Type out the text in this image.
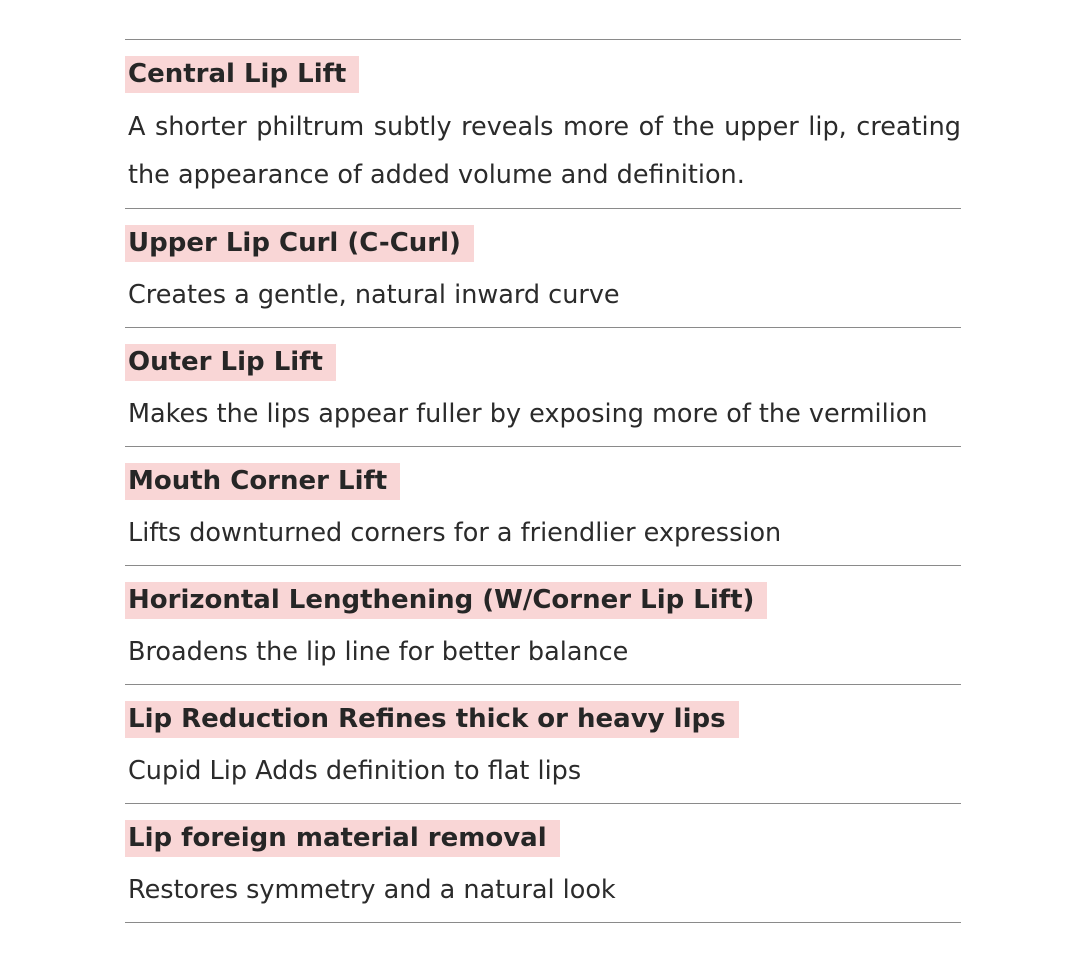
Central Lip Lift

A shorter philtrum subtly reveals more of the upper lip, creating the appearance of added volume and definition.

Upper Lip Curl (C-Curl)

Creates a gentle, natural inward curve

Outer Lip Lift

Makes the lips appear fuller by exposing more of the vermilion

Mouth Corner Lift

Lifts downturned corners for a friendlier expression

Horizontal Lengthening (W/Corner Lip Lift)

Broadens the lip line for better balance

Lip Reduction Refines thick or heavy lips

Cupid Lip Adds definition to flat lips

Lip foreign material removal

Restores symmetry and a natural look
